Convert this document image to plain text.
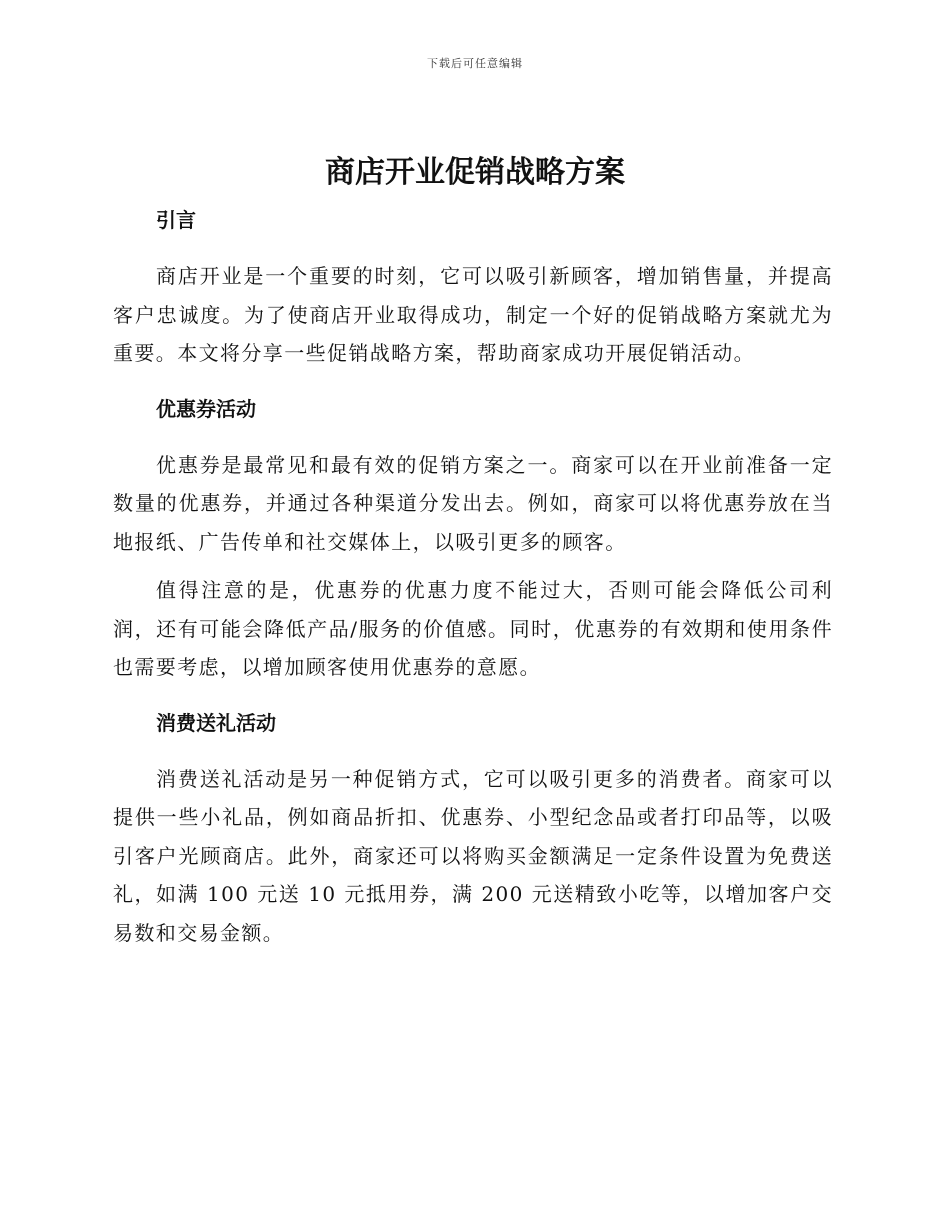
下载后可任意编辑
商店开业促销战略方案
引言

商店开业是一个重要的时刻，它可以吸引新顾客，增加销售量，并提高客户忠诚度。为了使商店开业取得成功，制定一个好的促销战略方案就尤为重要。本文将分享一些促销战略方案，帮助商家成功开展促销活动。

优惠券活动

优惠券是最常见和最有效的促销方案之一。商家可以在开业前准备一定数量的优惠券，并通过各种渠道分发出去。例如，商家可以将优惠券放在当地报纸、广告传单和社交媒体上，以吸引更多的顾客。

值得注意的是，优惠券的优惠力度不能过大，否则可能会降低公司利润，还有可能会降低产品/服务的价值感。同时，优惠券的有效期和使用条件也需要考虑，以增加顾客使用优惠券的意愿。

消费送礼活动

消费送礼活动是另一种促销方式，它可以吸引更多的消费者。商家可以提供一些小礼品，例如商品折扣、优惠券、小型纪念品或者打印品等，以吸引客户光顾商店。此外，商家还可以将购买金额满足一定条件设置为免费送礼，如满 100 元送 10 元抵用券，满 200 元送精致小吃等，以增加客户交易数和交易金额。
